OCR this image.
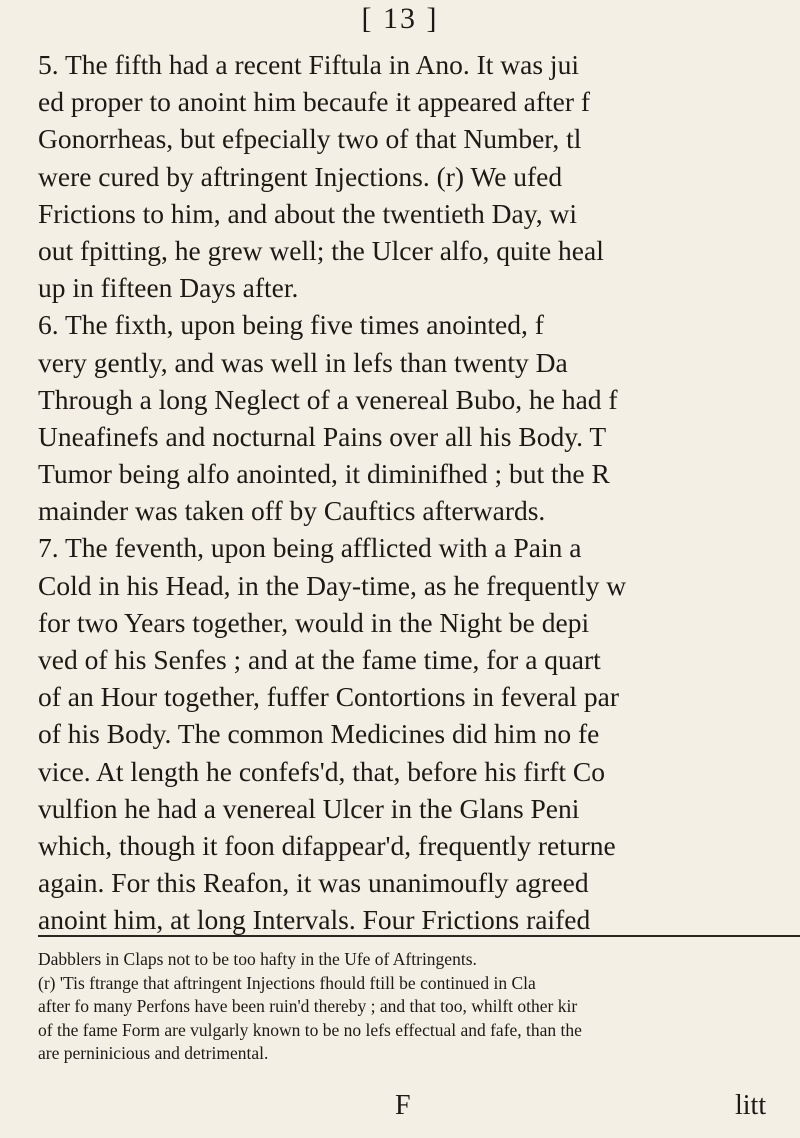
[ 13 ]
5. The fifth had a recent Fiftula in Ano. It was jui
ed proper to anoint him becaufe it appeared after f
Gonorrheas, but efpecially two of that Number, tl
were cured by aftringent Injections. (r) We ufed
Frictions to him, and about the twentieth Day, wi
out fpitting, he grew well; the Ulcer alfo, quite heal
up in fifteen Days after.
6. The fixth, upon being five times anointed, f
very gently, and was well in lefs than twenty Da
Through a long Neglect of a venereal Bubo, he had f
Uneafinefs and nocturnal Pains over all his Body. T
Tumor being alfo anointed, it diminifhed ; but the R
mainder was taken off by Cauftics afterwards.
7. The feventh, upon being afflicted with a Pain a
Cold in his Head, in the Day-time, as he frequently w
for two Years together, would in the Night be depi
ved of his Senfes ; and at the fame time, for a quart
of an Hour together, fuffer Contortions in feveral par
of his Body. The common Medicines did him no fe
vice. At length he confefs'd, that, before his firft Co
vulfion he had a venereal Ulcer in the Glans Peni
which, though it foon difappear'd, frequently returne
again. For this Reafon, it was unanimoufly agreed
anoint him, at long Intervals. Four Frictions raifed
Dabblers in Claps not to be too hafty in the Ufe of Aftringents.
(r) 'Tis ftrange that aftringent Injections fhould ftill be continued in Cla
after fo many Perfons have been ruin'd thereby ; and that too, whilft other kir
of the fame Form are vulgarly known to be no lefs effectual and fafe, than the
are perninicious and detrimental.
F	litt
